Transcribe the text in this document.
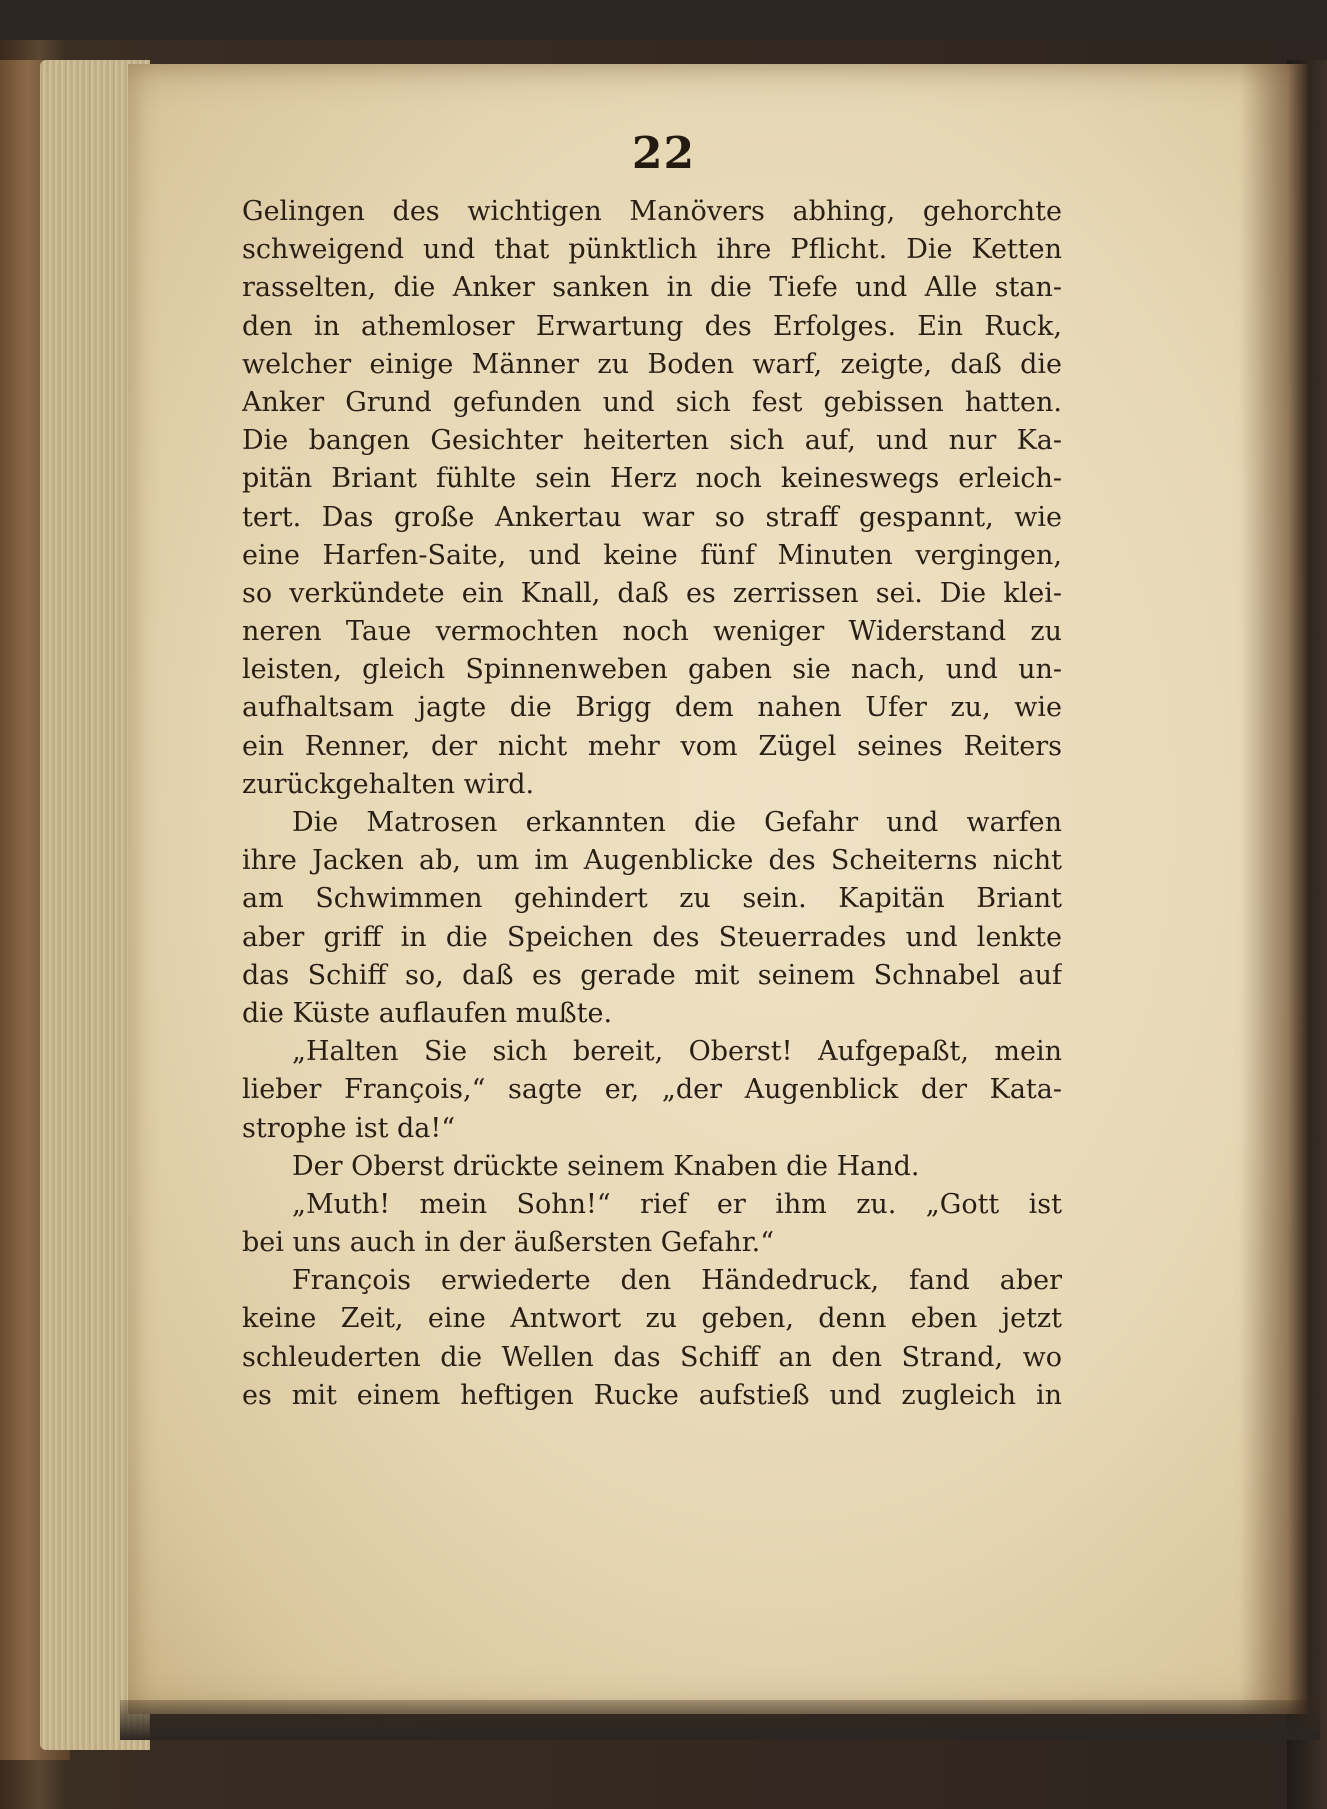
22
Gelingen des wichtigen Manövers abhing, gehorchte
schweigend und that pünktlich ihre Pflicht. Die Ketten
rasselten, die Anker sanken in die Tiefe und Alle stan-
den in athemloser Erwartung des Erfolges. Ein Ruck,
welcher einige Männer zu Boden warf, zeigte, daß die
Anker Grund gefunden und sich fest gebissen hatten.
Die bangen Gesichter heiterten sich auf, und nur Ka-
pitän Briant fühlte sein Herz noch keineswegs erleich-
tert. Das große Ankertau war so straff gespannt, wie
eine Harfen-Saite, und keine fünf Minuten vergingen,
so verkündete ein Knall, daß es zerrissen sei. Die klei-
neren Taue vermochten noch weniger Widerstand zu
leisten, gleich Spinnenweben gaben sie nach, und un-
aufhaltsam jagte die Brigg dem nahen Ufer zu, wie
ein Renner, der nicht mehr vom Zügel seines Reiters
zurückgehalten wird.
Die Matrosen erkannten die Gefahr und warfen
ihre Jacken ab, um im Augenblicke des Scheiterns nicht
am Schwimmen gehindert zu sein. Kapitän Briant
aber griff in die Speichen des Steuerrades und lenkte
das Schiff so, daß es gerade mit seinem Schnabel auf
die Küste auflaufen mußte.
„Halten Sie sich bereit, Oberst! Aufgepaßt, mein
lieber François,“ sagte er, „der Augenblick der Kata-
strophe ist da!“
Der Oberst drückte seinem Knaben die Hand.
„Muth! mein Sohn!“ rief er ihm zu. „Gott ist
bei uns auch in der äußersten Gefahr.“
François erwiederte den Händedruck, fand aber
keine Zeit, eine Antwort zu geben, denn eben jetzt
schleuderten die Wellen das Schiff an den Strand, wo
es mit einem heftigen Rucke aufstieß und zugleich in
